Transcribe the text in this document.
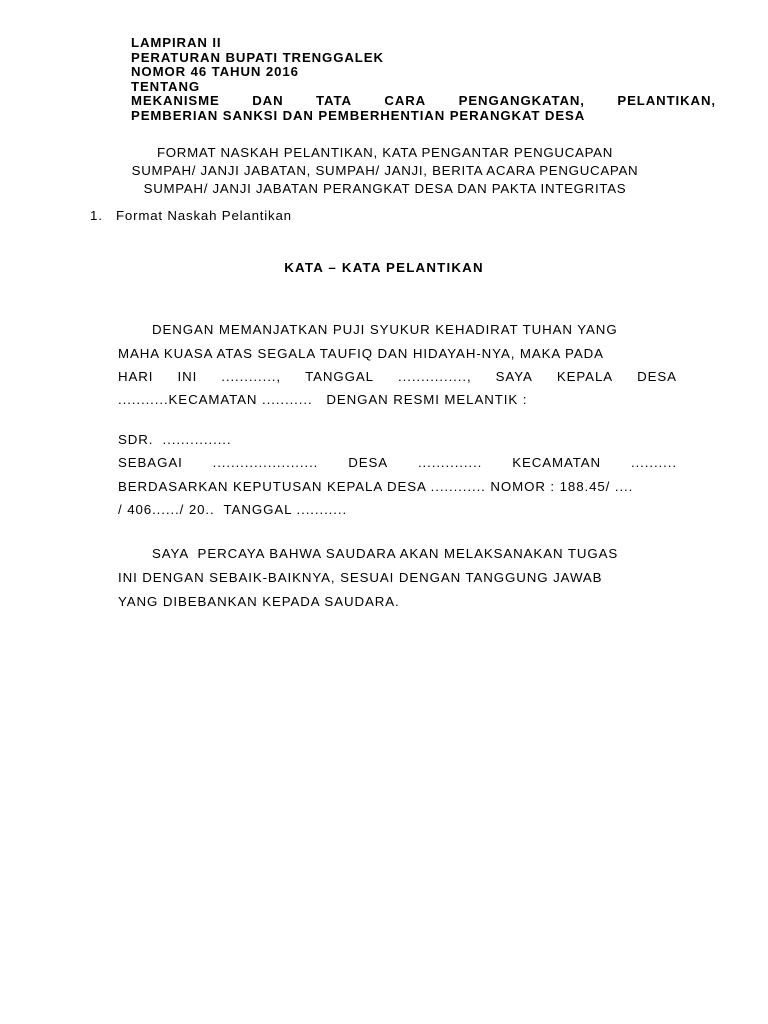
LAMPIRAN II
PERATURAN BUPATI TRENGGALEK
NOMOR 46 TAHUN 2016
TENTANG
MEKANISME DAN TATA CARA PENGANGKATAN, PELANTIKAN,
PEMBERIAN SANKSI DAN PEMBERHENTIAN PERANGKAT DESA
FORMAT NASKAH PELANTIKAN, KATA PENGANTAR PENGUCAPAN
SUMPAH/ JANJI JABATAN, SUMPAH/ JANJI, BERITA ACARA PENGUCAPAN
SUMPAH/ JANJI JABATAN PERANGKAT DESA DAN PAKTA INTEGRITAS
1. Format Naskah Pelantikan
KATA – KATA PELANTIKAN
DENGAN MEMANJATKAN PUJI SYUKUR KEHADIRAT TUHAN YANG
MAHA KUASA ATAS SEGALA TAUFIQ DAN HIDAYAH-NYA, MAKA PADA
HARI INI ............, TANGGAL ..............., SAYA KEPALA DESA
...........KECAMATAN ...........   DENGAN RESMI MELANTIK :
SDR.  ...............
SEBAGAI ....................... DESA .............. KECAMATAN ..........
BERDASARKAN KEPUTUSAN KEPALA DESA ............ NOMOR : 188.45/ ....
/ 406....../ 20..  TANGGAL ...........
SAYA  PERCAYA BAHWA SAUDARA AKAN MELAKSANAKAN TUGAS
INI DENGAN SEBAIK-BAIKNYA, SESUAI DENGAN TANGGUNG JAWAB
YANG DIBEBANKAN KEPADA SAUDARA.
